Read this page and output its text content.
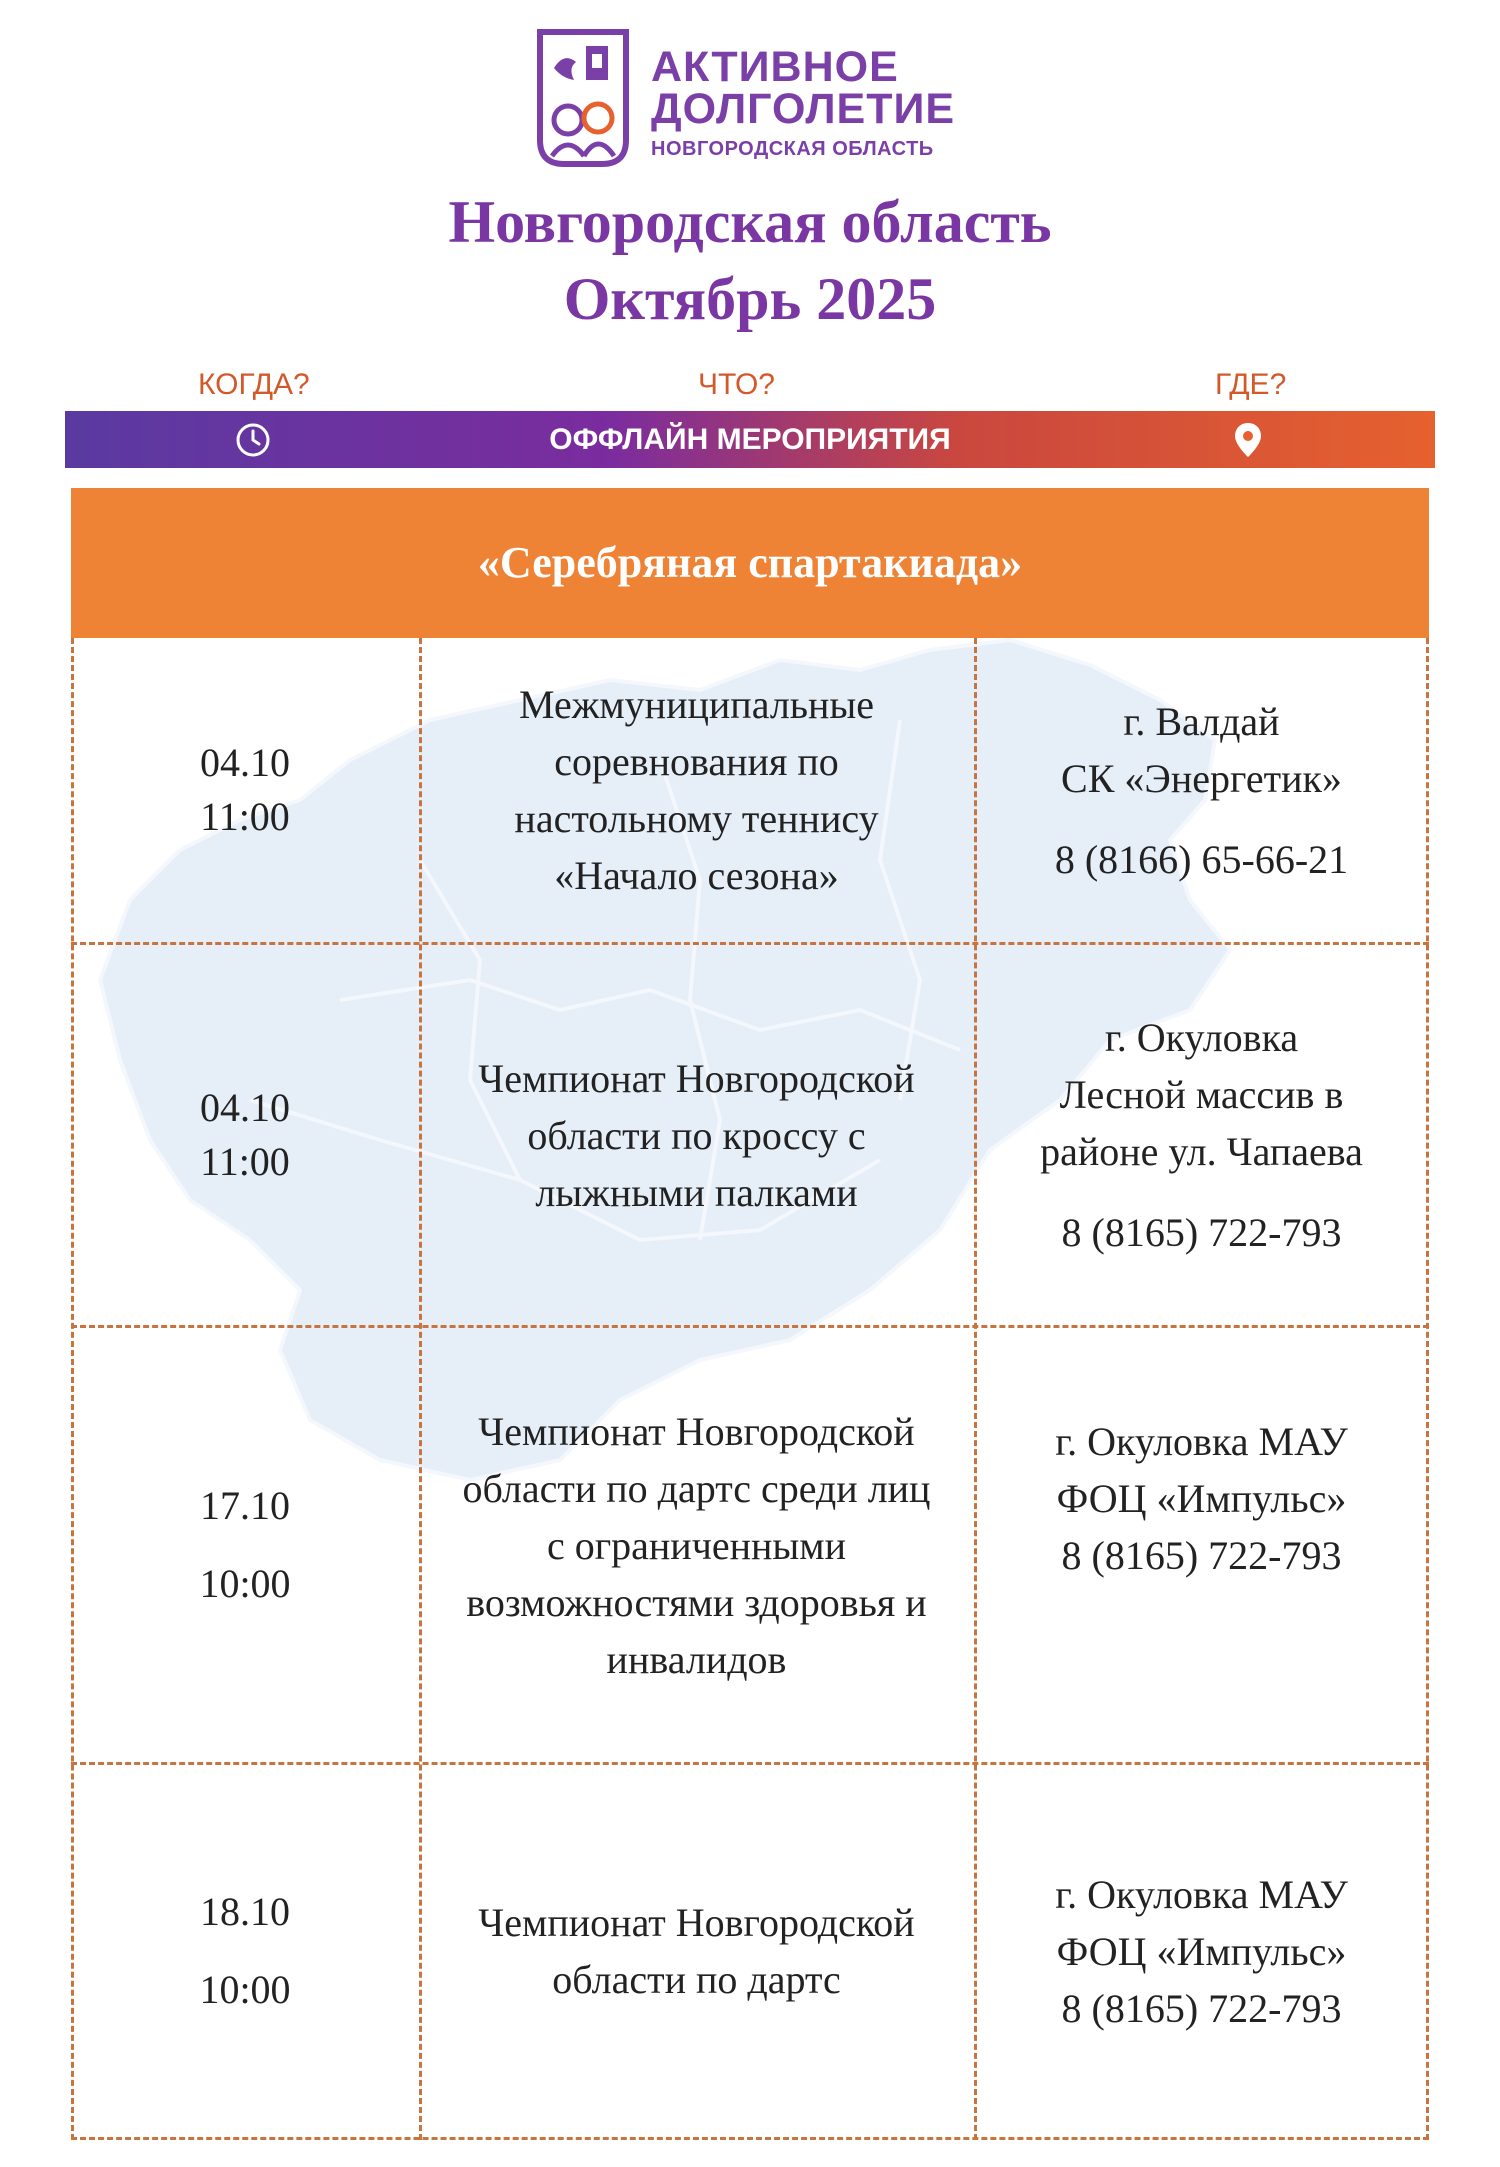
АКТИВНОЕ
ДОЛГОЛЕТИЕ
НОВГОРОДСКАЯ ОБЛАСТЬ
Новгородская область
Октябрь 2025
КОГДА?	ЧТО?	ГДЕ?
ОФФЛАЙН МЕРОПРИЯТИЯ
«Серебряная спартакиада»
04.10
11:00
Межмуниципальные
соревнования по
настольному теннису
«Начало сезона»
г. Валдай
СК «Энергетик»
8 (8166) 65-66-21
04.10
11:00
Чемпионат Новгородской
области по кроссу с
лыжными палками
г. Окуловка
Лесной массив в
районе ул. Чапаева
8 (8165) 722-793
17.10
10:00
Чемпионат Новгородской
области по дартс среди лиц
с ограниченными
возможностями здоровья и
инвалидов
г. Окуловка МАУ
ФОЦ «Импульс»
8 (8165) 722-793
18.10
10:00
Чемпионат Новгородской
области по дартс
г. Окуловка МАУ
ФОЦ «Импульс»
8 (8165) 722-793
